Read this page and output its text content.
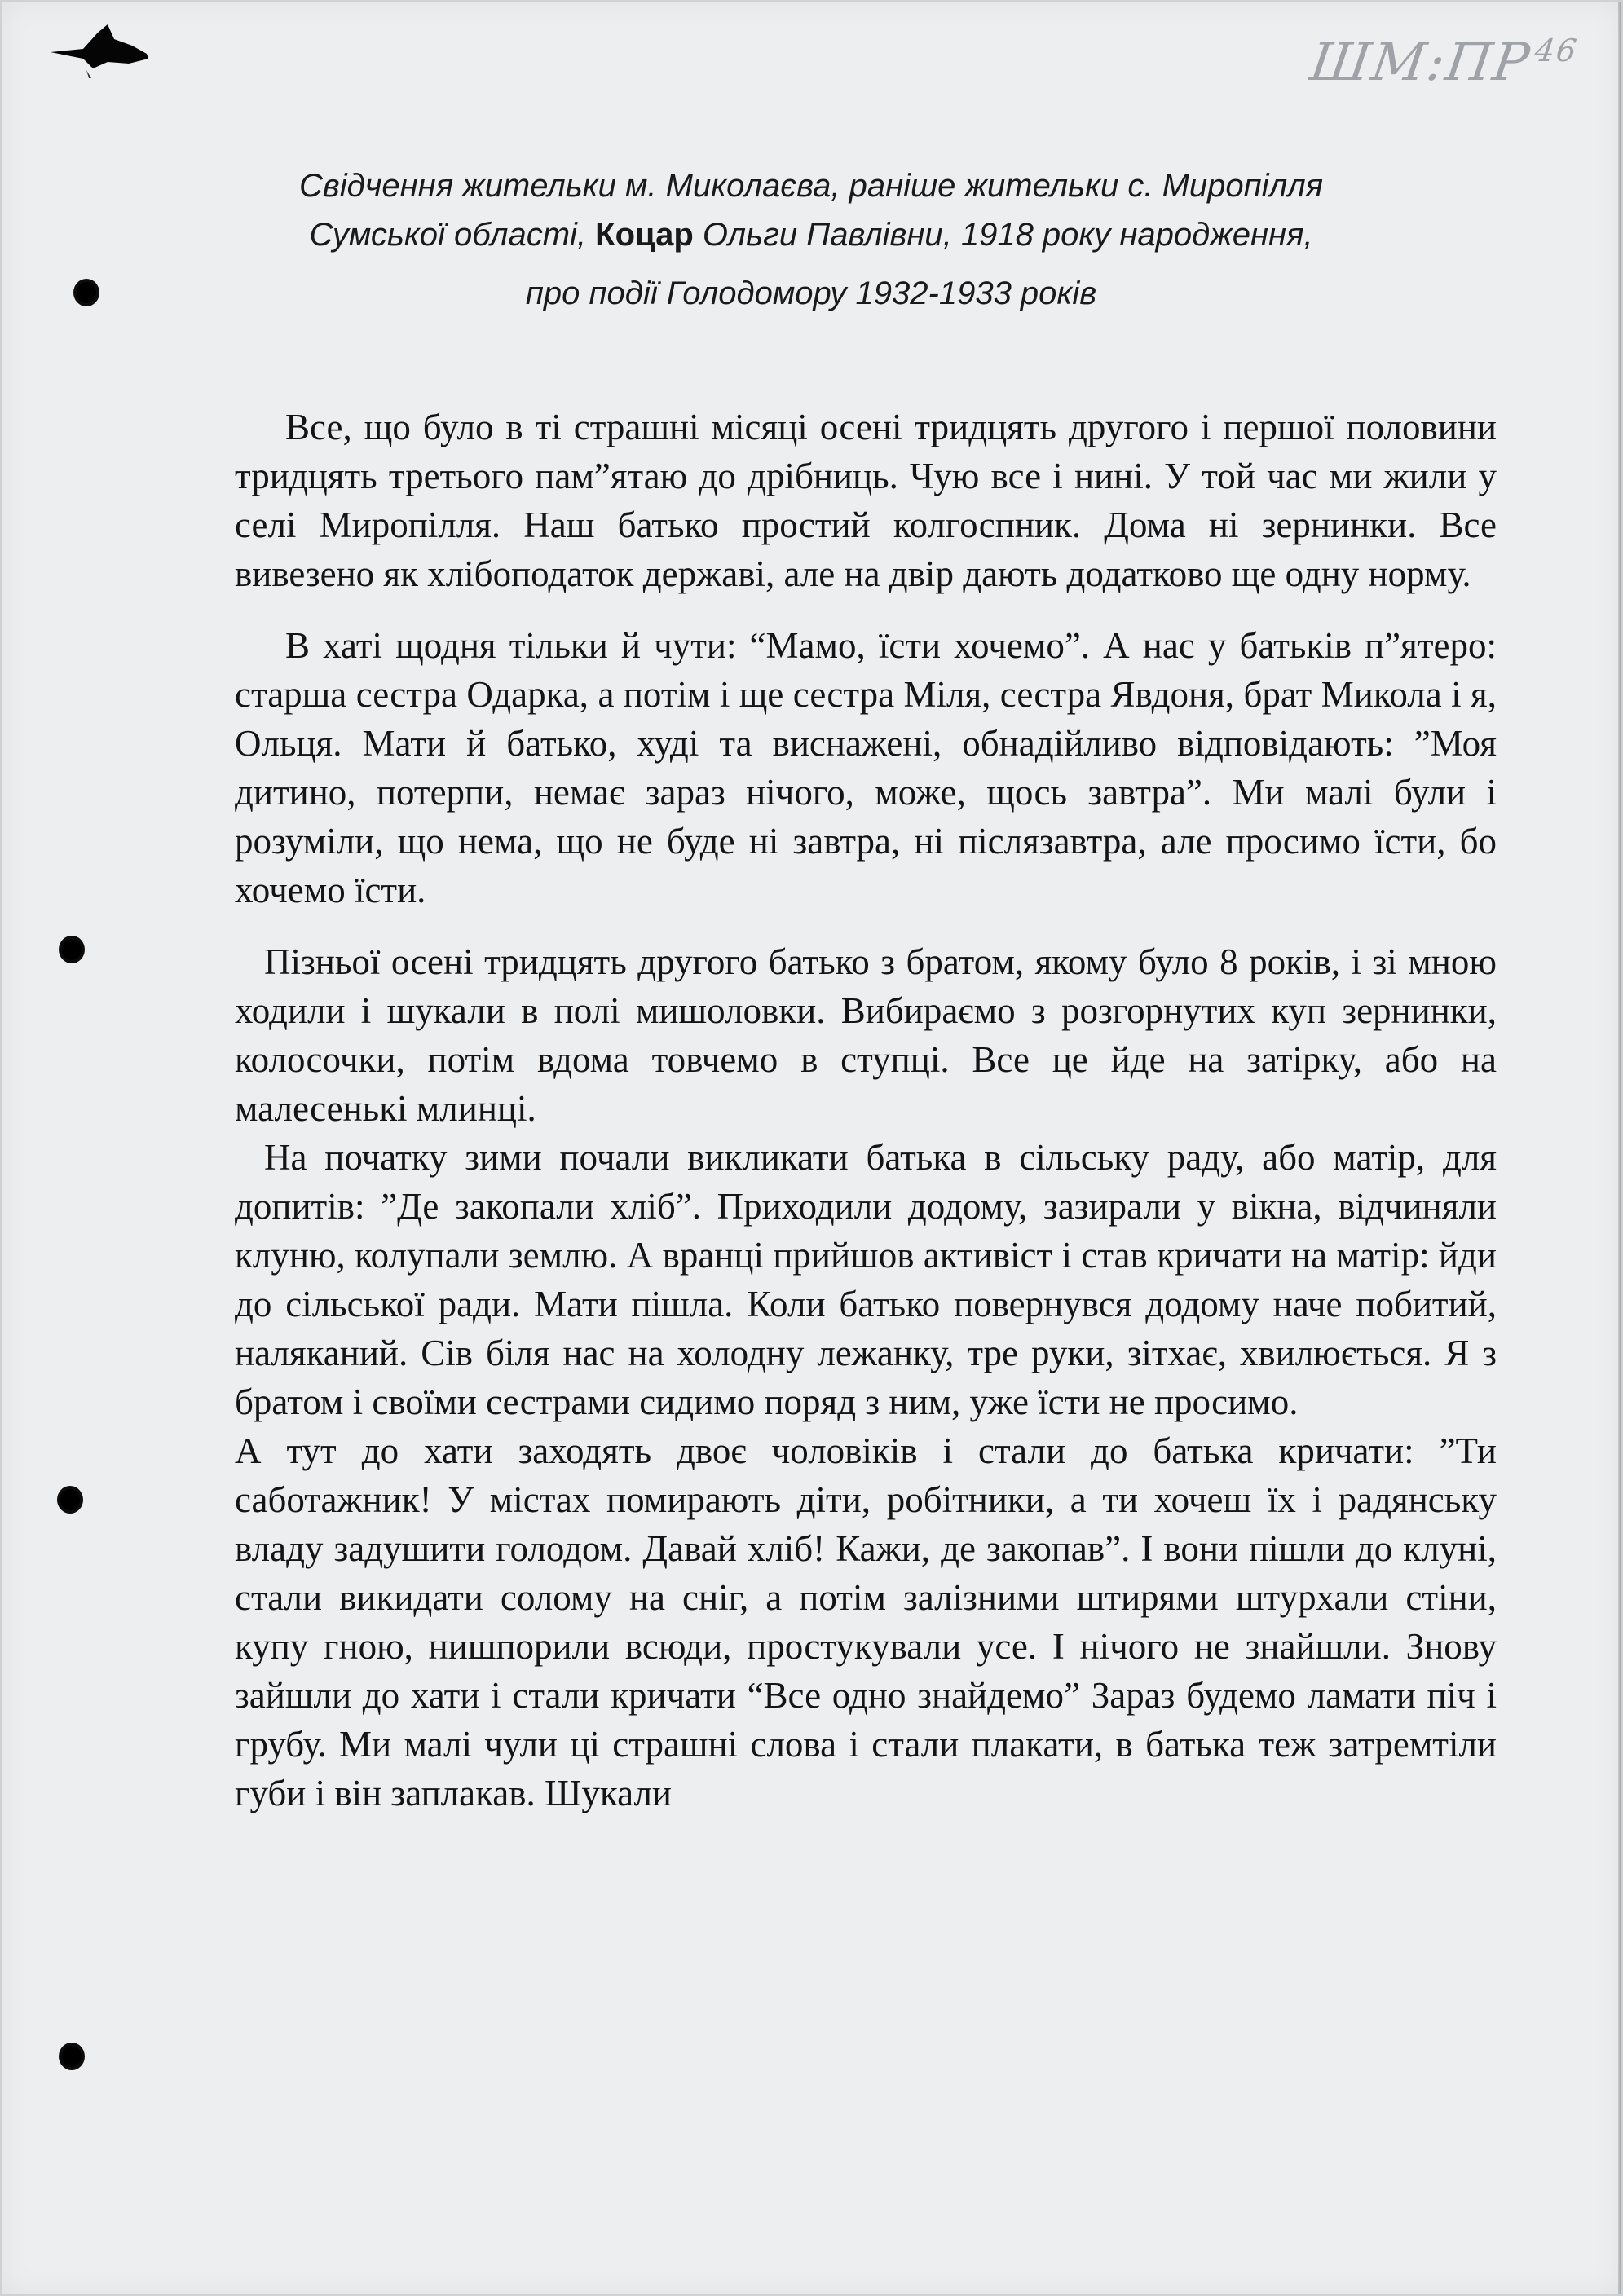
ШМ:ПР$^{46}$
Свідчення жительки м. Миколаєва, раніше жительки с. Миропілля
Сумської області, Коцар Ольги Павлівни, 1918 року народження,
про події Голодомору 1932-1933 років

Все, що було в ті страшні місяці осені тридцять другого і першої половини тридцять третього пам”ятаю до дрібниць. Чую все і нині. У той час ми жили у селі Миропілля. Наш батько простий колгоспник. Дома ні зернинки. Все вивезено як хлібоподаток державі, але на двір дають додатково ще одну норму.

В хаті щодня тільки й чути: “Мамо, їсти хочемо”. А нас у батьків п”ятеро: старша сестра Одарка, а потім і ще сестра Міля, сестра Явдоня, брат Микола і я, Ольця. Мати й батько, худі та виснажені, обнадійливо відповідають: ”Моя дитино, потерпи, немає зараз нічого, може, щось завтра”. Ми малі були і розуміли, що нема, що не буде ні завтра, ні післязавтра, але просимо їсти, бо хочемо їсти.

Пізньої осені тридцять другого батько з братом, якому було 8 років, і зі мною ходили і шукали в полі мишоловки. Вибираємо з розгорнутих куп зернинки, колосочки, потім вдома товчемо в ступці. Все це йде на затірку, або на малесенькі млинці.

На початку зими почали викликати батька в сільську раду, або матір, для допитів: ”Де закопали хліб”. Приходили додому, зазирали у вікна, відчиняли клуню, колупали землю. А вранці прийшов активіст і став кричати на матір: йди до сільської ради. Мати пішла. Коли батько повернувся додому наче побитий, наляканий. Сів біля нас на холодну лежанку, тре руки, зітхає, хвилюється. Я з братом і своїми сестрами сидимо поряд з ним, уже їсти не просимо.

А тут до хати заходять двоє чоловіків і стали до батька кричати: ”Ти саботажник! У містах помирають діти, робітники, а ти хочеш їх і радянську владу задушити голодом. Давай хліб! Кажи, де закопав”. І вони пішли до клуні, стали викидати солому на сніг, а потім залізними штирями штурхали стіни, купу гною, нишпорили всюди, простукували усе. І нічого не знайшли. Знову зайшли до хати і стали кричати “Все одно знайдемо” Зараз будемо ламати піч і грубу. Ми малі чули ці страшні слова і стали плакати, в батька теж затремтіли губи і він заплакав. Шукали
